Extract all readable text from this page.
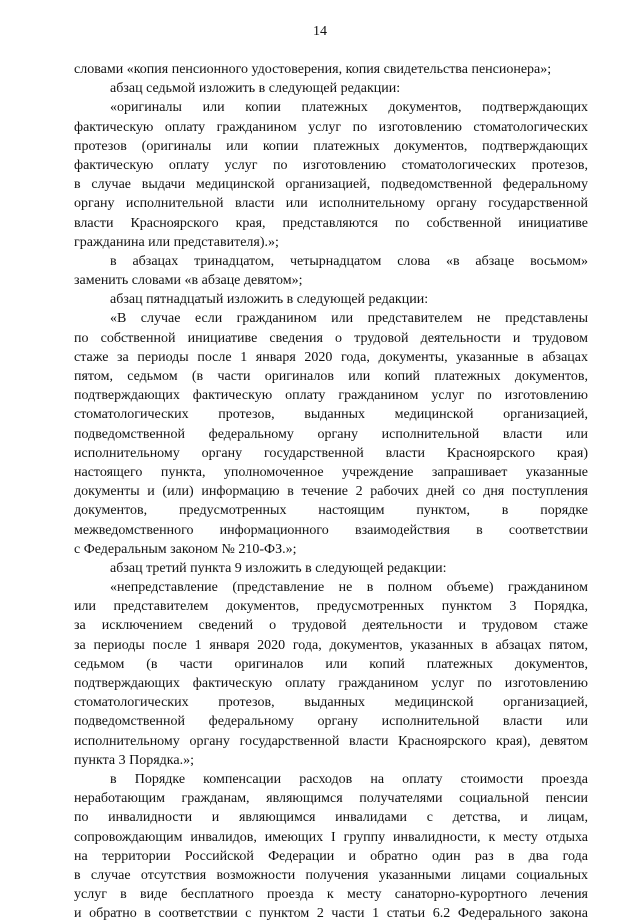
14
словами «копия пенсионного удостоверения, копия свидетельства пенсионера»;
абзац седьмой изложить в следующей редакции:
«оригиналы или копии платежных документов, подтверждающих
фактическую оплату гражданином услуг по изготовлению стоматологических
протезов (оригиналы или копии платежных документов, подтверждающих
фактическую оплату услуг по изготовлению стоматологических протезов,
в случае выдачи медицинской организацией, подведомственной федеральному
органу исполнительной власти или исполнительному органу государственной
власти Красноярского края, представляются по собственной инициативе
гражданина или представителя).»;
в абзацах тринадцатом, четырнадцатом слова «в абзаце восьмом»
заменить словами «в абзаце девятом»;
абзац пятнадцатый изложить в следующей редакции:
«В случае если гражданином или представителем не представлены
по собственной инициативе сведения о трудовой деятельности и трудовом
стаже за периоды после 1 января 2020 года, документы, указанные в абзацах
пятом, седьмом (в части оригиналов или копий платежных документов,
подтверждающих фактическую оплату гражданином услуг по изготовлению
стоматологических протезов, выданных медицинской организацией,
подведомственной федеральному органу исполнительной власти или
исполнительному органу государственной власти Красноярского края)
настоящего пункта, уполномоченное учреждение запрашивает указанные
документы и (или) информацию в течение 2 рабочих дней со дня поступления
документов, предусмотренных настоящим пунктом, в порядке
межведомственного информационного взаимодействия в соответствии
с Федеральным законом № 210-ФЗ.»;
абзац третий пункта 9 изложить в следующей редакции:
«непредставление (представление не в полном объеме) гражданином
или представителем документов, предусмотренных пунктом 3 Порядка,
за исключением сведений о трудовой деятельности и трудовом стаже
за периоды после 1 января 2020 года, документов, указанных в абзацах пятом,
седьмом (в части оригиналов или копий платежных документов,
подтверждающих фактическую оплату гражданином услуг по изготовлению
стоматологических протезов, выданных медицинской организацией,
подведомственной федеральному органу исполнительной власти или
исполнительному органу государственной власти Красноярского края), девятом
пункта 3 Порядка.»;
в Порядке компенсации расходов на оплату стоимости проезда
неработающим гражданам, являющимся получателями социальной пенсии
по инвалидности и являющимся инвалидами с детства, и лицам,
сопровождающим инвалидов, имеющих I группу инвалидности, к месту отдыха
на территории Российской Федерации и обратно один раз в два года
в случае отсутствия возможности получения указанными лицами социальных
услуг в виде бесплатного проезда к месту санаторно-курортного лечения
и обратно в соответствии с пунктом 2 части 1 статьи 6.2 Федерального закона
